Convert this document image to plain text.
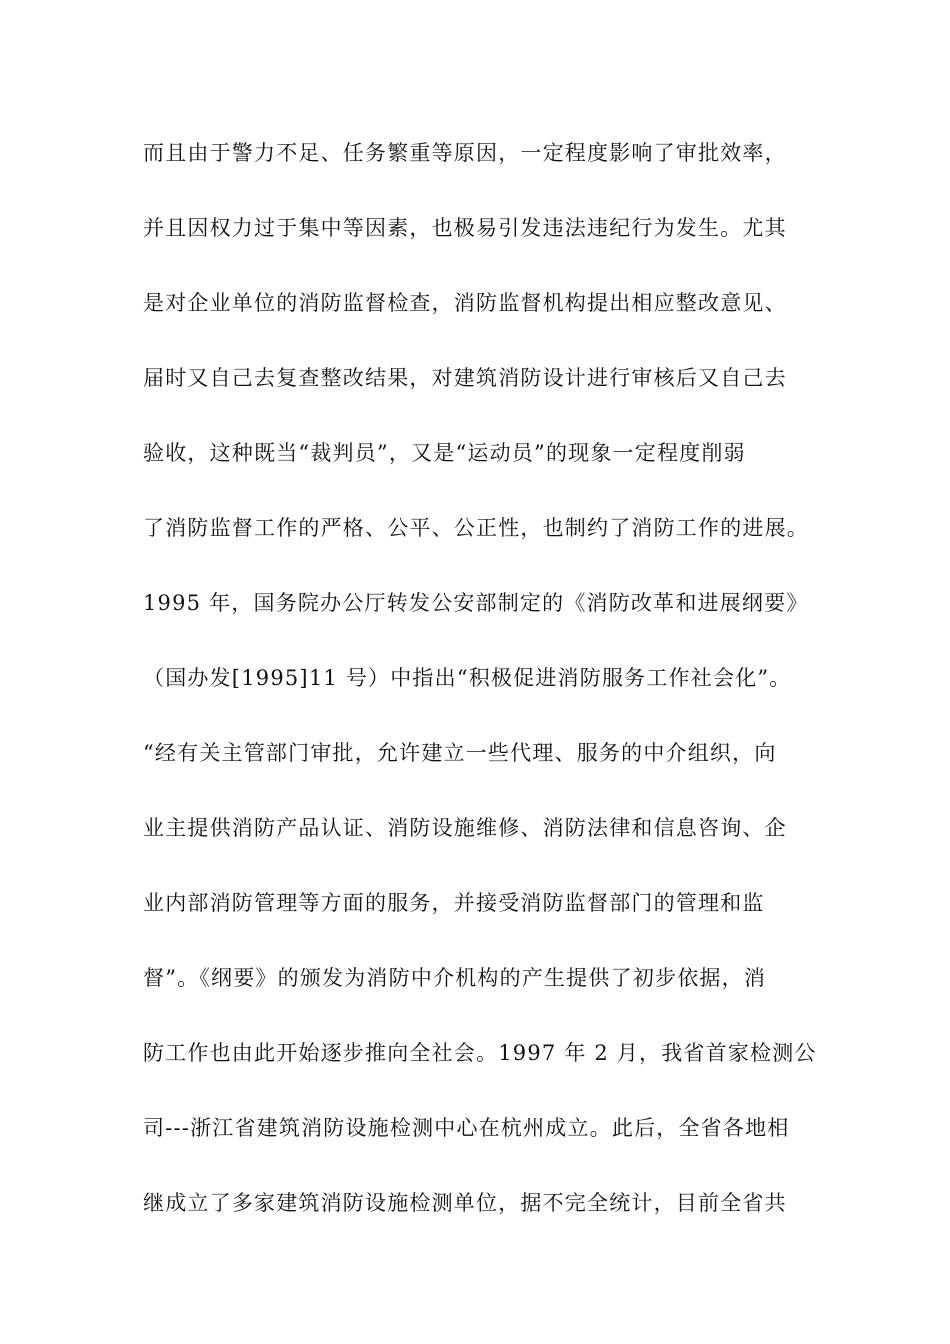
而且由于警力不足、任务繁重等原因，一定程度影响了审批效率，
并且因权力过于集中等因素，也极易引发违法违纪行为发生。尤其
是对企业单位的消防监督检查，消防监督机构提出相应整改意见、
届时又自己去复查整改结果，对建筑消防设计进行审核后又自己去
验收，这种既当“裁判员”，又是“运动员”的现象一定程度削弱
了消防监督工作的严格、公平、公正性，也制约了消防工作的进展。
1995 年，国务院办公厅转发公安部制定的《消防改革和进展纲要》
（国办发[1995]11 号）中指出“积极促进消防服务工作社会化”。
“经有关主管部门审批，允许建立一些代理、服务的中介组织，向
业主提供消防产品认证、消防设施维修、消防法律和信息咨询、企
业内部消防管理等方面的服务，并接受消防监督部门的管理和监
督”。《纲要》的颁发为消防中介机构的产生提供了初步依据，消
防工作也由此开始逐步推向全社会。1997 年 2 月，我省首家检测公
司---浙江省建筑消防设施检测中心在杭州成立。此后，全省各地相
继成立了多家建筑消防设施检测单位，据不完全统计，目前全省共
